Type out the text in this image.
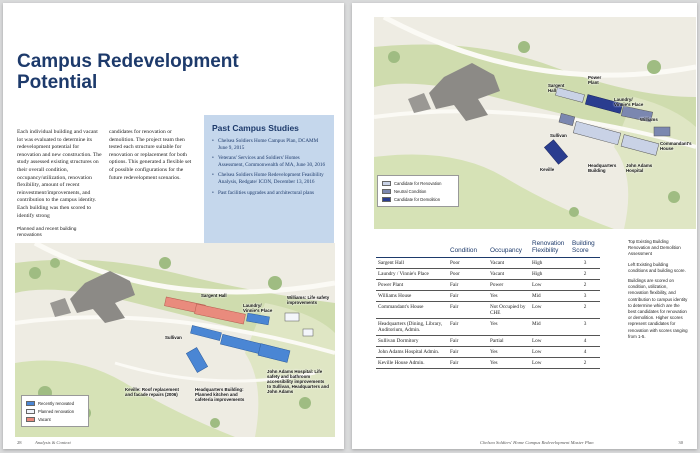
Campus Redevelopment Potential

Each individual building and vacant lot was evaluated to determine its redevelopment potential for renovation and new construction. The study assessed existing structures on their overall condition, occupancy/utilization, renovation flexibility, amount of recent reinvestment/improvements, and contribution to the campus identity. Each building was then scored to identify strong

candidates for renovation or demolition. The project team then tested each structure suitable for renovation or replacement for both options. This generated a flexible set of possible configurations for the future redevelopment scenarios.

Planned and recent building renovations

Past Campus Studies
• Chelsea Soldiers Home Campus Plan, DCAMM June 9, 2015
• Veterans' Services and Soldiers' Homes Assessment, Commonwealth of MA, June 30, 2016
• Chelsea Soldiers Home Redevelopment Feasibility Analysis, Redgate/ ICON, December 13, 2016
• Past facilities upgrades and architectural plans
Sargent Hall
Laundry/ Vinnie's Place
Williams: Life safety improvements
Sullivan
Keville: Roof replacement and facade repairs (2006)
Headquarters Building: Planned kitchen and cafeteria improvements
John Adams Hospital: Life safety and bathroom accessibility improvements to Sullivan, Headquarters and John Adams
Recently renovated
Planned renovation
Vacant
28	Analysis & Context
Power Plant
Sargent Hall
Laundry/ Vinnie's Place
Williams
Commandant's House
Sullivan
Headquarters Building
John Adams Hospital
Keville
Candidate for Renovation
Neutral Condition
Candidate for Demolition
	Condition	Occupancy	Renovation Flexibility	Building Score
Sargent Hall	Poor	Vacant	High	3
Laundry / Vinnie's Place	Poor	Vacant	High	2
Power Plant	Fair	Power	Low	2
Williams House	Fair	Yes	Mid	3
Commandant's House	Fair	Not Occupied by CHE	Low	2
Headquarters (Dining, Library, Auditorium, Admin.	Fair	Yes	Mid	3
Sullivan Dormitory	Fair	Partial	Low	4
John Adams Hospital Admin.	Fair	Yes	Low	4
Keville House Admin.	Fair	Yes	Low	2

Top Existing Building Renovation and Demolition Assessment

Left Existing building conditions and building score.

Buildings are scored on condition, utilization, renovation flexibility, and contribution to campus identity to determine which are the best candidates for renovation or demolition. Higher scores represent candidates for renovation with scores ranging from 1-5.

Chelsea Soldiers' Home Campus Redevelopment Master Plan	30
